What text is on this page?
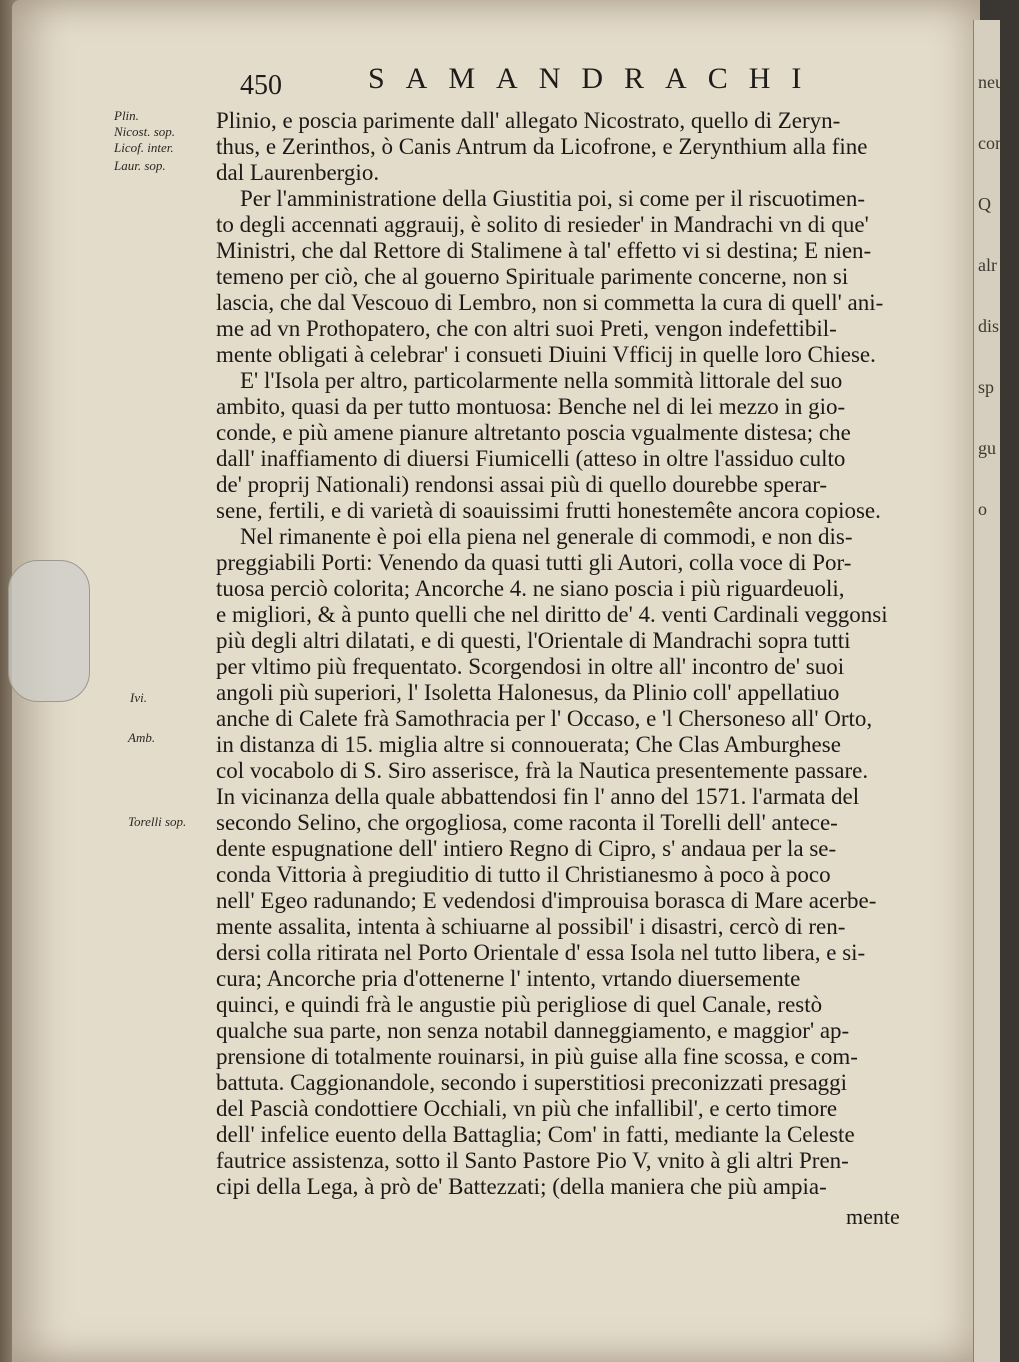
neusc
conte
Q
alr
dis
sp
gu
o
450	SAMANDRACHI
Plin.
Nicost. sop.
Licof. inter.
Laur. sop.
Ivi.
Amb.
Torelli sop.
Plinio, e poscia parimente dall' allegato Nicostrato, quello di Zeryn-
thus, e Zerinthos, ò Canis Antrum da Licofrone, e Zerynthium alla fine
dal Laurenbergio.
Per l'amministratione della Giustitia poi, si come per il riscuotimen-
to degli accennati aggrauij, è solito di resieder' in Mandrachi vn di que'
Ministri, che dal Rettore di Stalimene à tal' effetto vi si destina; E nien-
temeno per ciò, che al gouerno Spirituale parimente concerne, non si
lascia, che dal Vescouo di Lembro, non si commetta la cura di quell' ani-
me ad vn Prothopatero, che con altri suoi Preti, vengon indefettibil-
mente obligati à celebrar' i consueti Diuini Vfficij in quelle loro Chiese.
E' l'Isola per altro, particolarmente nella sommità littorale del suo
ambito, quasi da per tutto montuosa: Benche nel di lei mezzo in gio-
conde, e più amene pianure altretanto poscia vgualmente distesa; che
dall' inaffiamento di diuersi Fiumicelli (atteso in oltre l'assiduo culto
de' proprij Nationali) rendonsi assai più di quello dourebbe sperar-
sene, fertili, e di varietà di soauissimi frutti honestemête ancora copiose.
Nel rimanente è poi ella piena nel generale di commodi, e non dis-
preggiabili Porti: Venendo da quasi tutti gli Autori, colla voce di Por-
tuosa perciò colorita; Ancorche 4. ne siano poscia i più riguardeuoli,
e migliori, & à punto quelli che nel diritto de' 4. venti Cardinali veggonsi
più degli altri dilatati, e di questi, l'Orientale di Mandrachi sopra tutti
per vltimo più frequentato. Scorgendosi in oltre all' incontro de' suoi
angoli più superiori, l' Isoletta Halonesus, da Plinio coll' appellatiuo
anche di Calete frà Samothracia per l' Occaso, e 'l Chersoneso all' Orto,
in distanza di 15. miglia altre si connouerata; Che Clas Amburghese
col vocabolo di S. Siro asserisce, frà la Nautica presentemente passare.
In vicinanza della quale abbattendosi fin l' anno del 1571. l'armata del
secondo Selino, che orgogliosa, come raconta il Torelli dell' antece-
dente espugnatione dell' intiero Regno di Cipro, s' andaua per la se-
conda Vittoria à pregiuditio di tutto il Christianesmo à poco à poco
nell' Egeo radunando; E vedendosi d'improuisa borasca di Mare acerbe-
mente assalita, intenta à schiuarne al possibil' i disastri, cercò di ren-
dersi colla ritirata nel Porto Orientale d' essa Isola nel tutto libera, e si-
cura; Ancorche pria d'ottenerne l' intento, vrtando diuersemente
quinci, e quindi frà le angustie più perigliose di quel Canale, restò
qualche sua parte, non senza notabil danneggiamento, e maggior' ap-
prensione di totalmente rouinarsi, in più guise alla fine scossa, e com-
battuta. Caggionandole, secondo i superstitiosi preconizzati presaggi
del Pascià condottiere Occhiali, vn più che infallibil', e certo timore
dell' infelice euento della Battaglia; Com' in fatti, mediante la Celeste
fautrice assistenza, sotto il Santo Pastore Pio V, vnito à gli altri Pren-
cipi della Lega, à prò de' Battezzati; (della maniera che più ampia-
mente
